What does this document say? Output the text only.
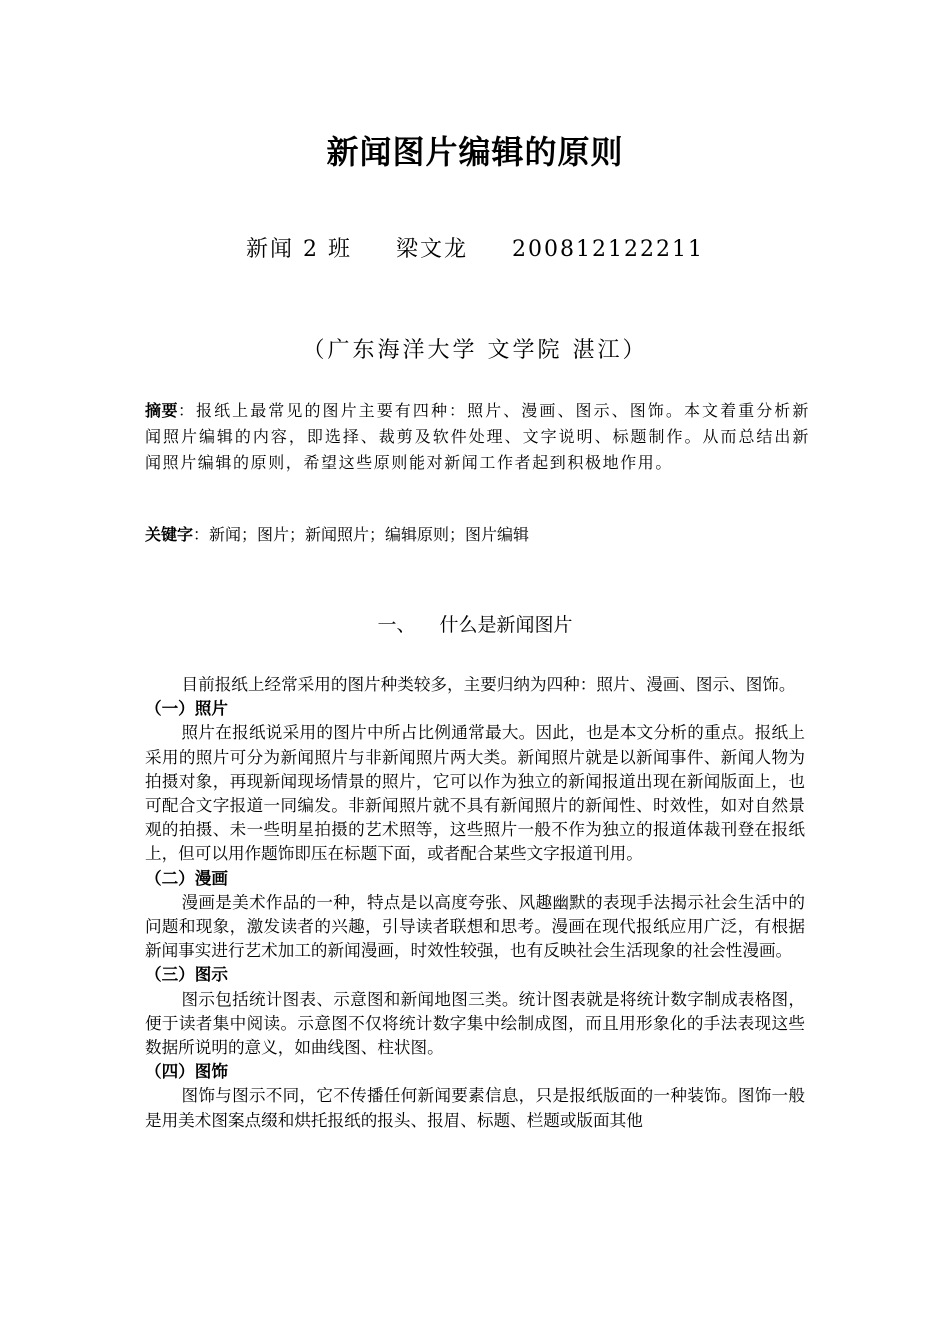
新闻图片编辑的原则
新闻 2 班 梁文龙 200812122211
（广东海洋大学 文学院 湛江）
摘要：报纸上最常见的图片主要有四种：照片、漫画、图示、图饰。本文着重分析新闻照片编辑的内容，即选择、裁剪及软件处理、文字说明、标题制作。从而总结出新闻照片编辑的原则，希望这些原则能对新闻工作者起到积极地作用。
关键字：新闻；图片；新闻照片；编辑原则；图片编辑
一、 什么是新闻图片

目前报纸上经常采用的图片种类较多，主要归纳为四种：照片、漫画、图示、图饰。

（一）照片

照片在报纸说采用的图片中所占比例通常最大。因此，也是本文分析的重点。报纸上采用的照片可分为新闻照片与非新闻照片两大类。新闻照片就是以新闻事件、新闻人物为拍摄对象，再现新闻现场情景的照片，它可以作为独立的新闻报道出现在新闻版面上，也可配合文字报道一同编发。非新闻照片就不具有新闻照片的新闻性、时效性，如对自然景观的拍摄、未一些明星拍摄的艺术照等，这些照片一般不作为独立的报道体裁刊登在报纸上，但可以用作题饰即压在标题下面，或者配合某些文字报道刊用。

（二）漫画

漫画是美术作品的一种，特点是以高度夸张、风趣幽默的表现手法揭示社会生活中的问题和现象，激发读者的兴趣，引导读者联想和思考。漫画在现代报纸应用广泛，有根据新闻事实进行艺术加工的新闻漫画，时效性较强，也有反映社会生活现象的社会性漫画。

（三）图示

图示包括统计图表、示意图和新闻地图三类。统计图表就是将统计数字制成表格图，便于读者集中阅读。示意图不仅将统计数字集中绘制成图，而且用形象化的手法表现这些数据所说明的意义，如曲线图、柱状图。

（四）图饰

图饰与图示不同，它不传播任何新闻要素信息，只是报纸版面的一种装饰。图饰一般是用美术图案点缀和烘托报纸的报头、报眉、标题、栏题或版面其他
